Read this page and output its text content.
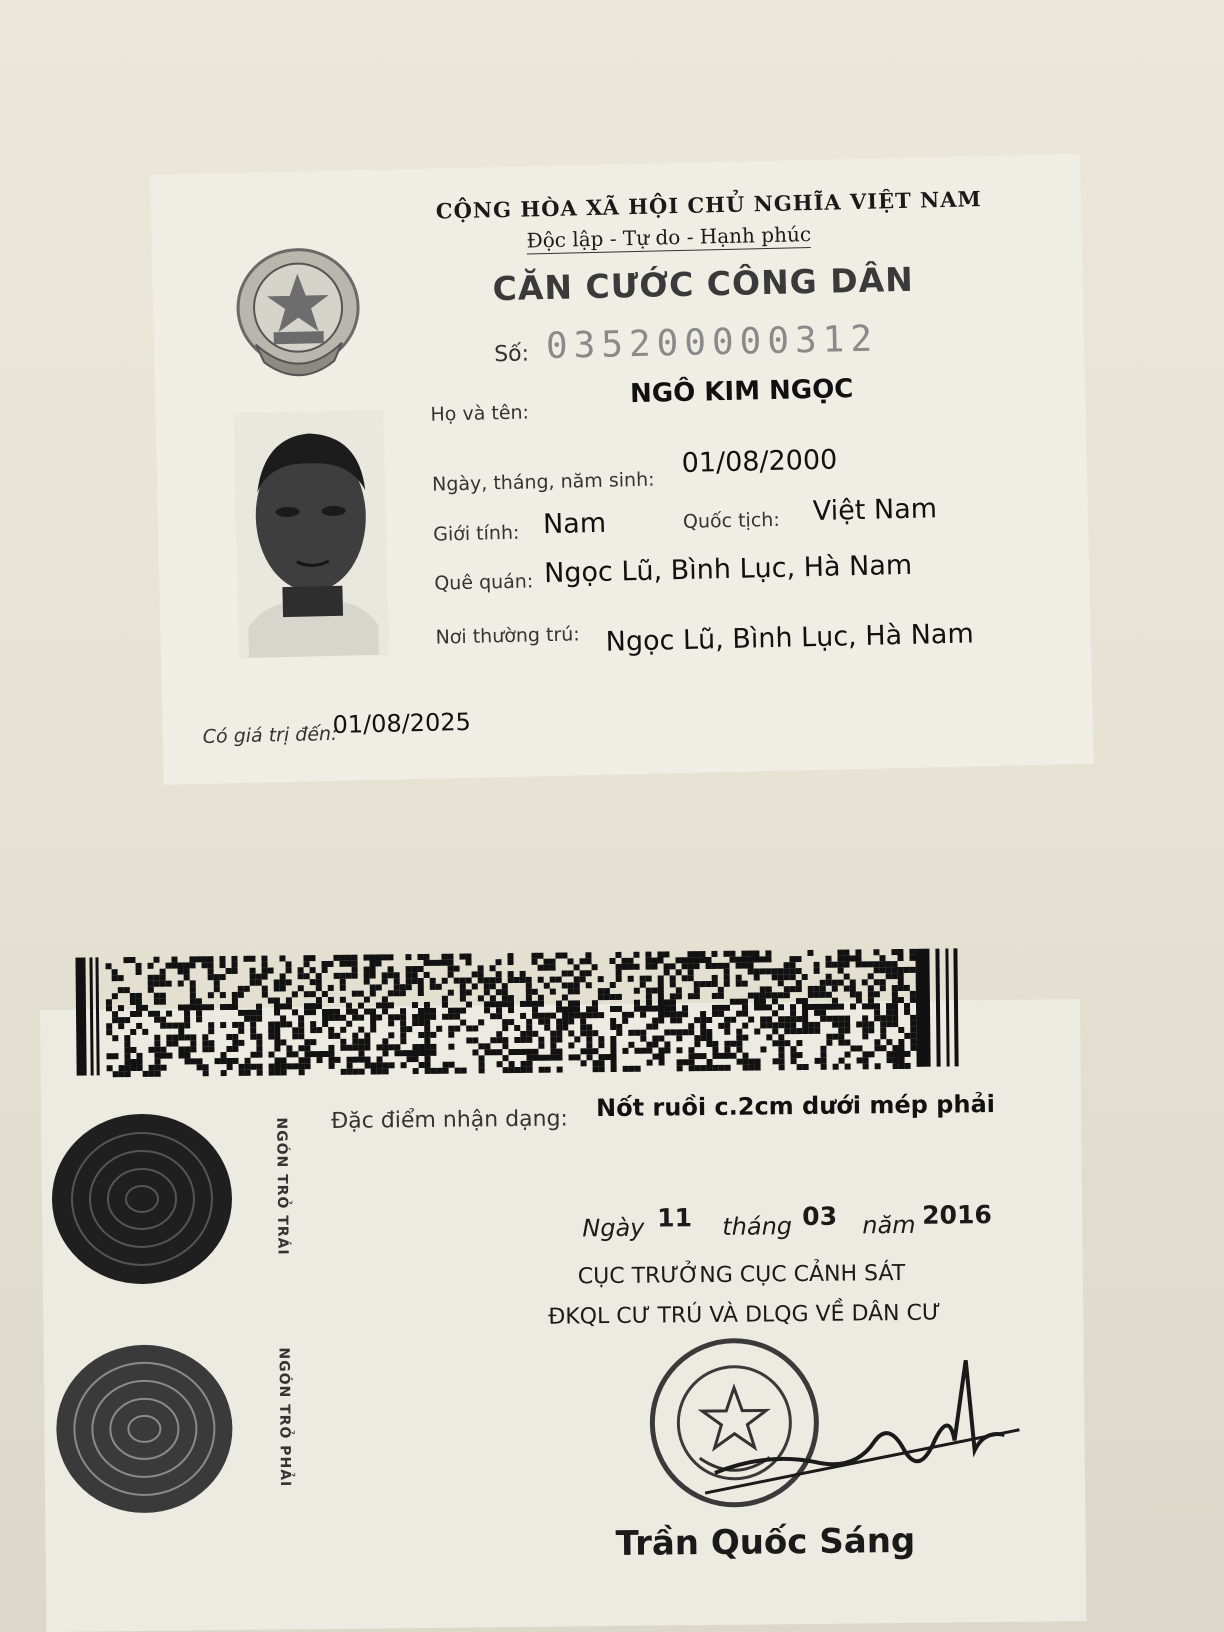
CỘNG HÒA XÃ HỘI CHỦ NGHĨA VIỆT NAM
Độc lập - Tự do - Hạnh phúc
CĂN CƯỚC CÔNG DÂN
Số: 035200000312
Họ và tên:
NGÔ KIM NGỌC
Ngày, tháng, năm sinh:
01/08/2000
Giới tính: Nam	Quốc tịch: Việt Nam
Quê quán: Ngọc Lũ, Bình Lục, Hà Nam
Nơi thường trú: Ngọc Lũ, Bình Lục, Hà Nam
Có giá trị đến:
01/08/2025
Đặc điểm nhận dạng: Nốt ruồi c.2cm dưới mép phải
NGÓN TRỎ TRÁI
NGÓN TRỎ PHẢI
Ngày 11 tháng 03 năm 2016
CỤC TRƯỞNG CỤC CẢNH SÁT
ĐKQL CƯ TRÚ VÀ DLQG VỀ DÂN CƯ
Trần Quốc Sáng
